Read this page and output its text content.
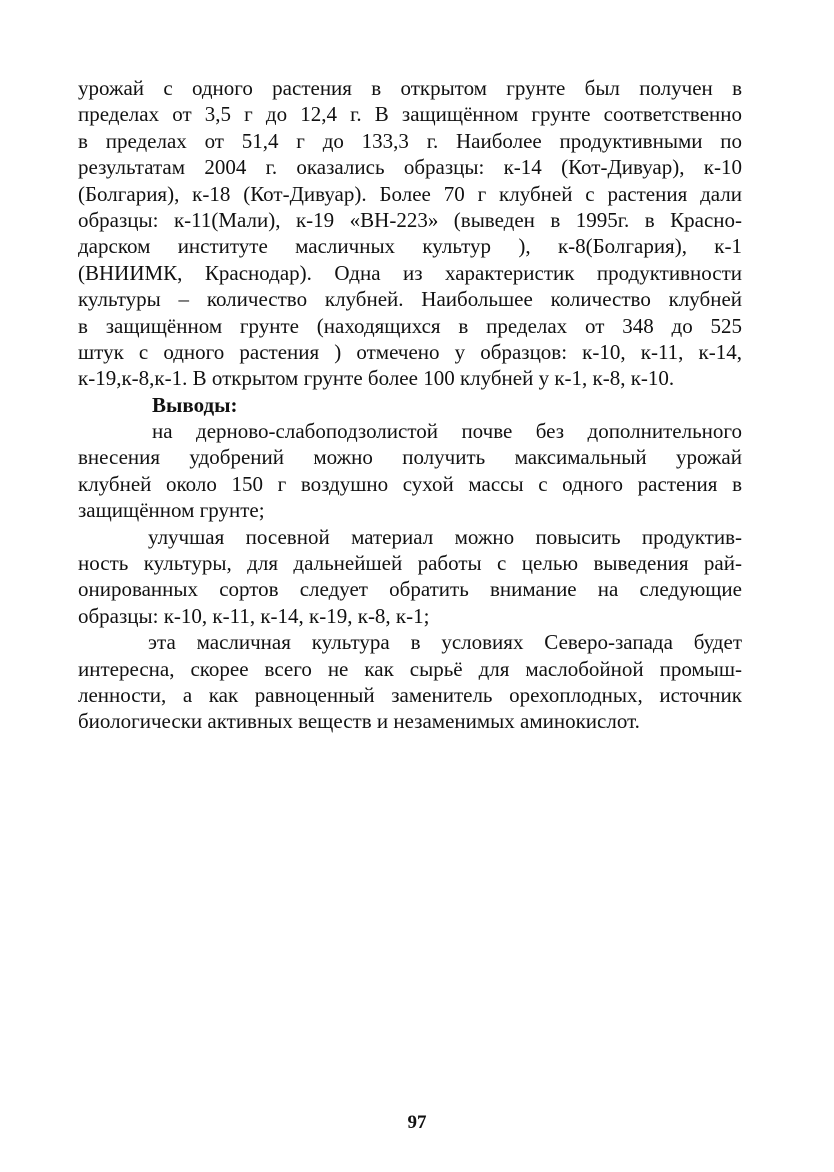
урожай с одного растения в открытом грунте был получен в
пределах от 3,5 г до 12,4 г. В защищённом грунте соответственно
в пределах от 51,4 г до 133,3 г. Наиболее продуктивными по
результатам 2004 г. оказались образцы: к-14 (Кот-Дивуар), к-10
(Болгария), к-18 (Кот-Дивуар). Более 70 г клубней с растения дали
образцы: к-11(Мали), к-19 «ВН-223» (выведен в 1995г. в Красно-
дарском институте масличных культур ), к-8(Болгария), к-1
(ВНИИМК, Краснодар). Одна из характеристик продуктивности
культуры – количество клубней. Наибольшее количество клубней
в защищённом грунте (находящихся в пределах от 348 до 525
штук с одного растения ) отмечено у образцов: к-10, к-11, к-14,
к-19,к-8,к-1. В открытом грунте более 100 клубней у к-1, к-8, к-10.
Выводы:
на дерново-слабоподзолистой почве без дополнительного
внесения удобрений можно получить максимальный урожай
клубней около 150 г воздушно сухой массы с одного растения в
защищённом грунте;
улучшая посевной материал можно повысить продуктив-
ность культуры, для дальнейшей работы с целью выведения рай-
онированных сортов следует обратить внимание на следующие
образцы: к-10, к-11, к-14, к-19, к-8, к-1;
эта масличная культура в условиях Северо-запада будет
интересна, скорее всего не как сырьё для маслобойной промыш-
ленности, а как равноценный заменитель орехоплодных, источник
биологически активных веществ и незаменимых аминокислот.
97
